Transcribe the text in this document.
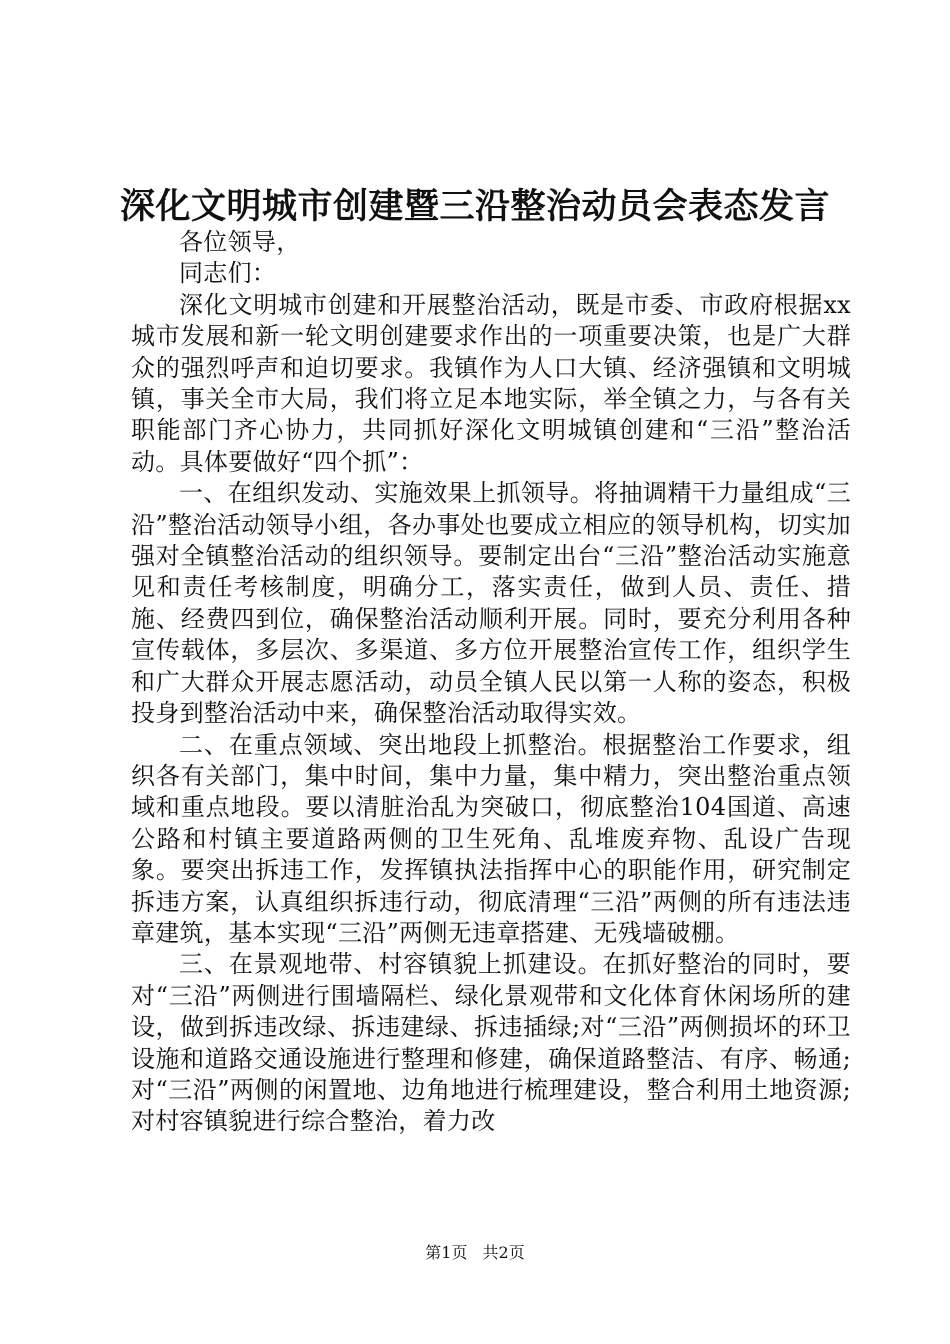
深化文明城市创建暨三沿整治动员会表态发言

各位领导，

同志们：

深化文明城市创建和开展整治活动，既是市委、市政府根据xx城市发展和新一轮文明创建要求作出的一项重要决策，也是广大群众的强烈呼声和迫切要求。我镇作为人口大镇、经济强镇和文明城镇，事关全市大局，我们将立足本地实际，举全镇之力，与各有关职能部门齐心协力，共同抓好深化文明城镇创建和“三沿”整治活动。具体要做好“四个抓”：

一、在组织发动、实施效果上抓领导。将抽调精干力量组成“三沿”整治活动领导小组，各办事处也要成立相应的领导机构，切实加强对全镇整治活动的组织领导。要制定出台“三沿”整治活动实施意见和责任考核制度，明确分工，落实责任，做到人员、责任、措施、经费四到位，确保整治活动顺利开展。同时，要充分利用各种宣传载体，多层次、多渠道、多方位开展整治宣传工作，组织学生和广大群众开展志愿活动，动员全镇人民以第一人称的姿态，积极投身到整治活动中来，确保整治活动取得实效。

二、在重点领域、突出地段上抓整治。根据整治工作要求，组织各有关部门，集中时间，集中力量，集中精力，突出整治重点领域和重点地段。要以清脏治乱为突破口，彻底整治104国道、高速公路和村镇主要道路两侧的卫生死角、乱堆废弃物、乱设广告现象。要突出拆违工作，发挥镇执法指挥中心的职能作用，研究制定拆违方案，认真组织拆违行动，彻底清理“三沿”两侧的所有违法违章建筑，基本实现“三沿”两侧无违章搭建、无残墙破棚。

三、在景观地带、村容镇貌上抓建设。在抓好整治的同时，要对“三沿”两侧进行围墙隔栏、绿化景观带和文化体育休闲场所的建设，做到拆违改绿、拆违建绿、拆违插绿;对“三沿”两侧损坏的环卫设施和道路交通设施进行整理和修建，确保道路整洁、有序、畅通;对“三沿”两侧的闲置地、边角地进行梳理建设，整合利用土地资源;对村容镇貌进行综合整治，着力改

第1页 共2页
